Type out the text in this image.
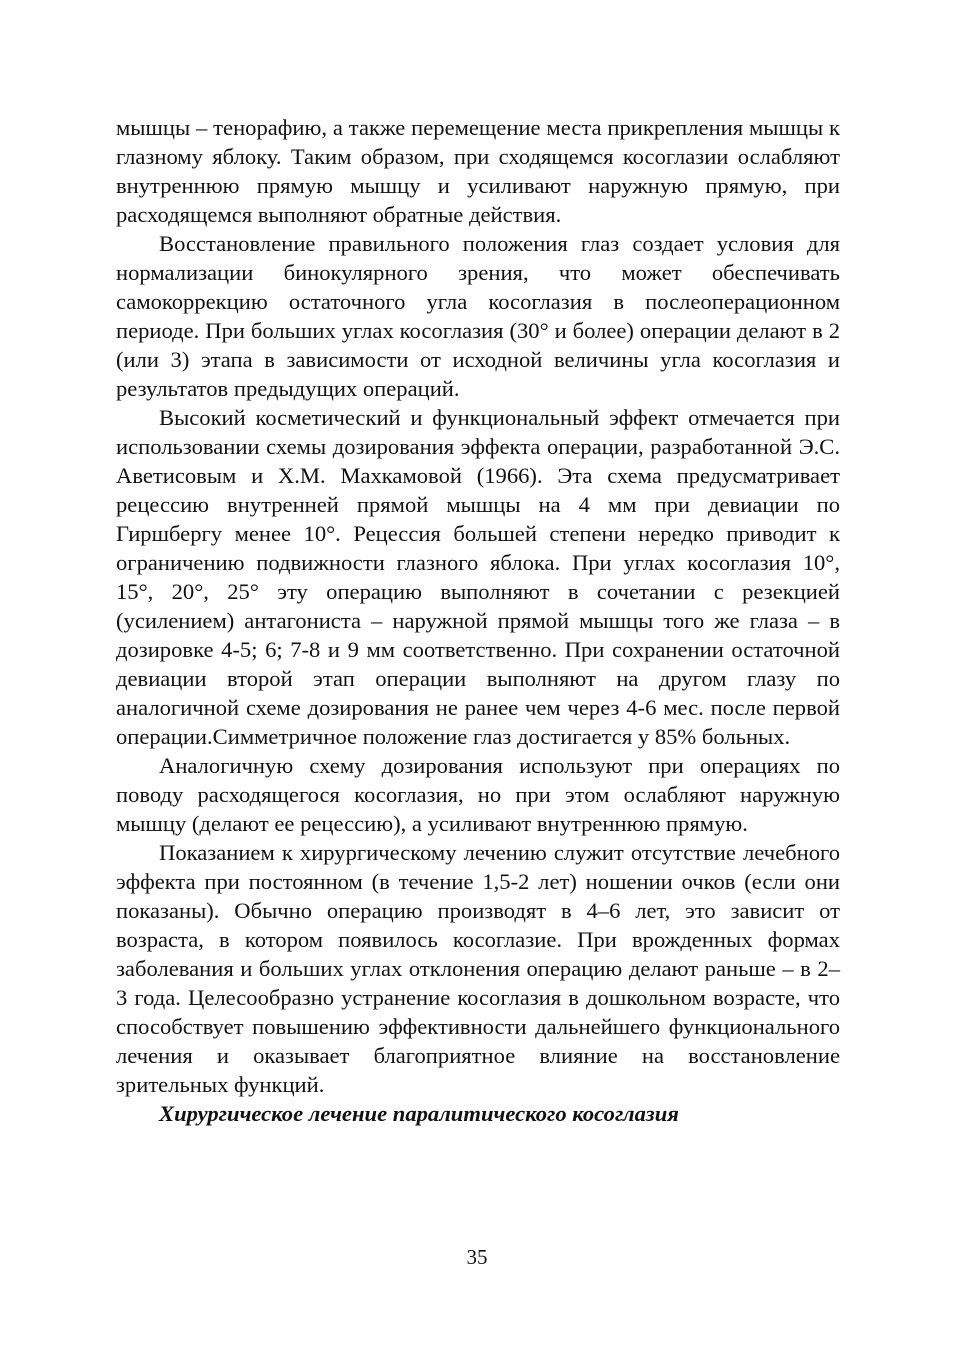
мышцы – тенорафию, а также перемещение места прикрепления мышцы к глазному яблоку. Таким образом, при сходящемся косоглазии ослабляют внутреннюю прямую мышцу и усиливают наружную прямую, при расходящемся выполняют обратные действия.

Восстановление правильного положения глаз создает условия для нормализации бинокулярного зрения, что может обеспечивать самокоррекцию остаточного угла косоглазия в послеоперационном периоде. При больших углах косоглазия (30° и более) операции делают в 2 (или 3) этапа в зависимости от исходной величины угла косоглазия и результатов предыдущих операций.

Высокий косметический и функциональный эффект отмечается при использовании схемы дозирования эффекта операции, разработанной Э.С. Аветисовым и Х.М. Махкамовой (1966). Эта схема предусматривает рецессию внутренней прямой мышцы на 4 мм при девиации по Гиршбергу менее 10°. Рецессия большей степени нередко приводит к ограничению подвижности глазного яблока. При углах косоглазия 10°, 15°, 20°, 25° эту операцию выполняют в сочетании с резекцией (усилением) антагониста – наружной прямой мышцы того же глаза – в дозировке 4-5; 6; 7-8 и 9 мм соответственно. При сохранении остаточной девиации второй этап операции выполняют на другом глазу по аналогичной схеме дозирования не ранее чем через 4-6 мес. после первой операции.Симметричное положение глаз достигается у 85% больных.

Аналогичную схему дозирования используют при операциях по поводу расходящегося косоглазия, но при этом ослабляют наружную мышцу (делают ее рецессию), а усиливают внутреннюю прямую.

Показанием к хирургическому лечению служит отсутствие лечебного эффекта при постоянном (в течение 1,5-2 лет) ношении очков (если они показаны). Обычно операцию производят в 4–6 лет, это зависит от возраста, в котором появилось косоглазие. При врожденных формах заболевания и больших углах отклонения операцию делают раньше – в 2–3 года. Целесообразно устранение косоглазия в дошкольном возрасте, что способствует повышению эффективности дальнейшего функционального лечения и оказывает благоприятное влияние на восстановление зрительных функций.

Хирургическое лечение паралитического косоглазия

35
